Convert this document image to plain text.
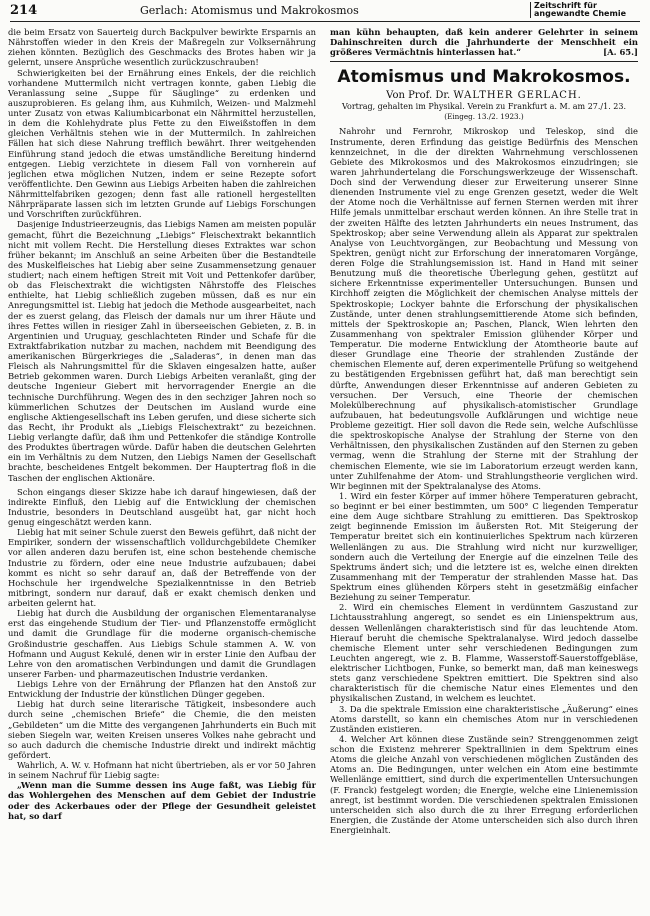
214	Gerlach: Atomismus und Makrokosmos	Zeitschrift für
angewandte Chemie

die beim Ersatz von Sauerteig durch Backpulver bewirkte Ersparnis an Nährstoffen wieder in den Kreis der Maßregeln zur Volksernährung ziehen könnten. Bezüglich des Geschmacks des Brotes haben wir ja gelernt, unsere Ansprüche wesentlich zurückzuschrauben!

Schwierigkeiten bei der Ernährung eines Enkels, der die reichlich vorhandene Muttermilch nicht vertragen konnte, gaben Liebig die Veranlassung seine „Suppe für Säuglinge“ zu erdenken und auszuprobieren. Es gelang ihm, aus Kuhmilch, Weizen- und Malzmehl unter Zusatz von etwas Kaliumbicarbonat ein Nährmittel herzustellen, in dem die Kohlehydrate plus Fette zu den Eiweißstoffen in dem gleichen Verhältnis stehen wie in der Muttermilch. In zahlreichen Fällen hat sich diese Nahrung trefflich bewährt. Ihrer weitgehenden Einführung stand jedoch die etwas umständliche Bereitung hindernd entgegen. Liebig verzichtete in diesem Fall von vornherein auf jeglichen etwa möglichen Nutzen, indem er seine Rezepte sofort veröffentlichte. Den Gewinn aus Liebigs Arbeiten haben die zahlreichen Nährmittelfabriken gezogen; denn fast alle rationell hergestellten Nährpräparate lassen sich im letzten Grunde auf Liebigs Forschungen und Vorschriften zurückführen.

Dasjenige Industrieerzeugnis, das Liebigs Namen am meisten populär gemacht, führt die Bezeichnung „Liebigs“ Fleischextrakt bekanntlich nicht mit vollem Recht. Die Herstellung dieses Extraktes war schon früher bekannt; im Anschluß an seine Arbeiten über die Bestandteile des Muskelfleisches hat Liebig aber seine Zusammensetzung genauer studiert; nach einem heftigen Streit mit Voit und Pettenkofer darüber, ob das Fleischextrakt die wichtigsten Nährstoffe des Fleisches enthielte, hat Liebig schließlich zugeben müssen, daß es nur ein Anregungsmittel ist. Liebig hat jedoch die Methode ausgearbeitet, nach der es zuerst gelang, das Fleisch der damals nur um ihrer Häute und ihres Fettes willen in riesiger Zahl in überseeischen Gebieten, z. B. in Argentinien und Uruguay, geschlachteten Rinder und Schafe für die Extraktfabrikation nutzbar zu machen, nachdem mit Beendigung des amerikanischen Bürgerkrieges die „Saladeras“, in denen man das Fleisch als Nahrungsmittel für die Sklaven eingesalzen hatte, außer Betrieb gekommen waren. Durch Liebigs Arbeiten veranlaßt, ging der deutsche Ingenieur Giebert mit hervorragender Energie an die technische Durchführung. Wegen des in den sechziger Jahren noch so kümmerlichen Schutzes der Deutschen im Ausland wurde eine englische Aktiengesellschaft ins Leben gerufen, und diese sicherte sich das Recht, ihr Produkt als „Liebigs Fleischextrakt“ zu bezeichnen. Liebig verlangte dafür, daß ihm und Pettenkofer die ständige Kontrolle des Produktes übertragen würde. Dafür haben die deutschen Gelehrten ein im Verhältnis zu dem Nutzen, den Liebigs Namen der Gesellschaft brachte, bescheidenes Entgelt bekommen. Der Hauptertrag floß in die Taschen der englischen Aktionäre.

Schon eingangs dieser Skizze habe ich darauf hingewiesen, daß der indirekte Einfluß, den Liebig auf die Entwicklung der chemischen Industrie, besonders in Deutschland ausgeübt hat, gar nicht hoch genug eingeschätzt werden kann.

Liebig hat mit seiner Schule zuerst den Beweis geführt, daß nicht der Empiriker, sondern der wissenschaftlich volldurchgebildete Chemiker vor allen anderen dazu berufen ist, eine schon bestehende chemische Industrie zu fördern, oder eine neue Industrie aufzubauen; dabei kommt es nicht so sehr darauf an, daß der Betreffende von der Hochschule her irgendwelche Spezialkenntnisse in den Betrieb mitbringt, sondern nur darauf, daß er exakt chemisch denken und arbeiten gelernt hat.

Liebig hat durch die Ausbildung der organischen Elementaranalyse erst das eingehende Studium der Tier- und Pflanzenstoffe ermöglicht und damit die Grundlage für die moderne organisch-chemische Großindustrie geschaffen. Aus Liebigs Schule stammen A. W. von Hofmann und August Kekulé, denen wir in erster Linie den Aufbau der Lehre von den aromatischen Verbindungen und damit die Grundlagen unserer Farben- und pharmazeutischen Industrie verdanken.

Liebigs Lehre von der Ernährung der Pflanzen hat den Anstoß zur Entwicklung der Industrie der künstlichen Dünger gegeben.

Liebig hat durch seine literarische Tätigkeit, insbesondere auch durch seine „chemischen Briefe“ die Chemie, die den meisten „Gebildeten“ um die Mitte des vergangenen Jahrhunderts ein Buch mit sieben Siegeln war, weiten Kreisen unseres Volkes nahe gebracht und so auch dadurch die chemische Industrie direkt und indirekt mächtig gefördert.

Wahrlich, A. W. v. Hofmann hat nicht übertrieben, als er vor 50 Jahren in seinem Nachruf für Liebig sagte:

„Wenn man die Summe dessen ins Auge faßt, was Liebig für das Wohlergehen des Menschen auf dem Gebiet der Industrie oder des Ackerbaues oder der Pflege der Gesundheit geleistet hat, so darf

man kühn behaupten, daß kein anderer Gelehrter in seinem Dahinschreiten durch die Jahrhunderte der Menschheit ein größeres Vermächtnis hinterlassen hat.“	[A. 65.]

Atomismus und Makrokosmos.
Von Prof. Dr. WALTHER GERLACH.
Vortrag, gehalten im Physikal. Verein zu Frankfurt a. M. am 27./1. 23.
(Eingeg. 13./2. 1923.)

Nahrohr und Fernrohr, Mikroskop und Teleskop, sind die Instrumente, deren Erfindung das geistige Bedürfnis des Menschen kennzeichnet, in die der direkten Wahrnehmung verschlossenen Gebiete des Mikrokosmos und des Makrokosmos einzudringen; sie waren jahrhundertelang die Forschungswerkzeuge der Wissenschaft. Doch sind der Verwendung dieser zur Erweiterung unserer Sinne dienenden Instrumente viel zu enge Grenzen gesetzt, weder die Welt der Atome noch die Verhältnisse auf fernen Sternen werden mit ihrer Hilfe jemals unmittelbar erschaut werden können. An ihre Stelle trat in der zweiten Hälfte des letzten Jahrhunderts ein neues Instrument, das Spektroskop; aber seine Verwendung allein als Apparat zur spektralen Analyse von Leuchtvorgängen, zur Beobachtung und Messung von Spektren, genügt nicht zur Erforschung der inneratomaren Vorgänge, deren Folge die Strahlungsemission ist. Hand in Hand mit seiner Benutzung muß die theoretische Überlegung gehen, gestützt auf sichere Erkenntnisse experimenteller Untersuchungen. Bunsen und Kirchhoff zeigten die Möglichkeit der chemischen Analyse mittels der Spektroskopie; Lockyer bahnte die Erforschung der physikalischen Zustände, unter denen strahlungsemittierende Atome sich befinden, mittels der Spektroskopie an; Paschen, Planck, Wien lehrten den Zusammenhang von spektraler Emission glühender Körper und Temperatur. Die moderne Entwicklung der Atomtheorie baute auf dieser Grundlage eine Theorie der strahlenden Zustände der chemischen Elemente auf, deren experimentelle Prüfung so weitgehend zu bestätigenden Ergebnissen geführt hat, daß man berechtigt sein dürfte, Anwendungen dieser Erkenntnisse auf anderen Gebieten zu versuchen. Der Versuch, eine Theorie der chemischen Molekülberechnung auf physikalisch-atomistischer Grundlage aufzubauen, hat bedeutungsvolle Aufklärungen und wichtige neue Probleme gezeitigt. Hier soll davon die Rede sein, welche Aufschlüsse die spektroskopische Analyse der Strahlung der Sterne von den Verhältnissen, den physikalischen Zuständen auf den Sternen zu geben vermag, wenn die Strahlung der Sterne mit der Strahlung der chemischen Elemente, wie sie im Laboratorium erzeugt werden kann, unter Zuhilfenahme der Atom- und Strahlungstheorie verglichen wird. Wir beginnen mit der Spektralanalyse des Atoms.

1. Wird ein fester Körper auf immer höhere Temperaturen gebracht, so beginnt er bei einer bestimmten, um 500° C liegenden Temperatur eine dem Auge sichtbare Strahlung zu emittieren. Das Spektroskop zeigt beginnende Emission im äußersten Rot. Mit Steigerung der Temperatur breitet sich ein kontinuierliches Spektrum nach kürzeren Wellenlängen zu aus. Die Strahlung wird nicht nur kurzwelliger, sondern auch die Verteilung der Energie auf die einzelnen Teile des Spektrums ändert sich; und die letztere ist es, welche einen direkten Zusammenhang mit der Temperatur der strahlenden Masse hat. Das Spektrum eines glühenden Körpers steht in gesetzmäßig einfacher Beziehung zu seiner Temperatur.

2. Wird ein chemisches Element in verdünntem Gaszustand zur Lichtausstrahlung angeregt, so sendet es ein Linienspektrum aus, dessen Wellenlängen charakteristisch sind für das leuchtende Atom. Hierauf beruht die chemische Spektralanalyse. Wird jedoch dasselbe chemische Element unter sehr verschiedenen Bedingungen zum Leuchten angeregt, wie z. B. Flamme, Wasserstoff-Sauerstoffgebläse, elektrischer Lichtbogen, Funke, so bemerkt man, daß man keineswegs stets ganz verschiedene Spektren emittiert. Die Spektren sind also charakteristisch für die chemische Natur eines Elementes und den physikalischen Zustand, in welchem es leuchtet.

3. Da die spektrale Emission eine charakteristische „Äußerung“ eines Atoms darstellt, so kann ein chemisches Atom nur in verschiedenen Zuständen existieren.

4. Welcher Art können diese Zustände sein? Strenggenommen zeigt schon die Existenz mehrerer Spektrallinien in dem Spektrum eines Atoms die gleiche Anzahl von verschiedenen möglichen Zuständen des Atoms an. Die Bedingungen, unter welchen ein Atom eine bestimmte Wellenlänge emittiert, sind durch die experimentellen Untersuchungen (F. Franck) festgelegt worden; die Energie, welche eine Linienemission anregt, ist bestimmt worden. Die verschiedenen spektralen Emissionen unterscheiden sich also durch die zu ihrer Erregung erforderlichen Energien, die Zustände der Atome unterscheiden sich also durch ihren Energieinhalt.
